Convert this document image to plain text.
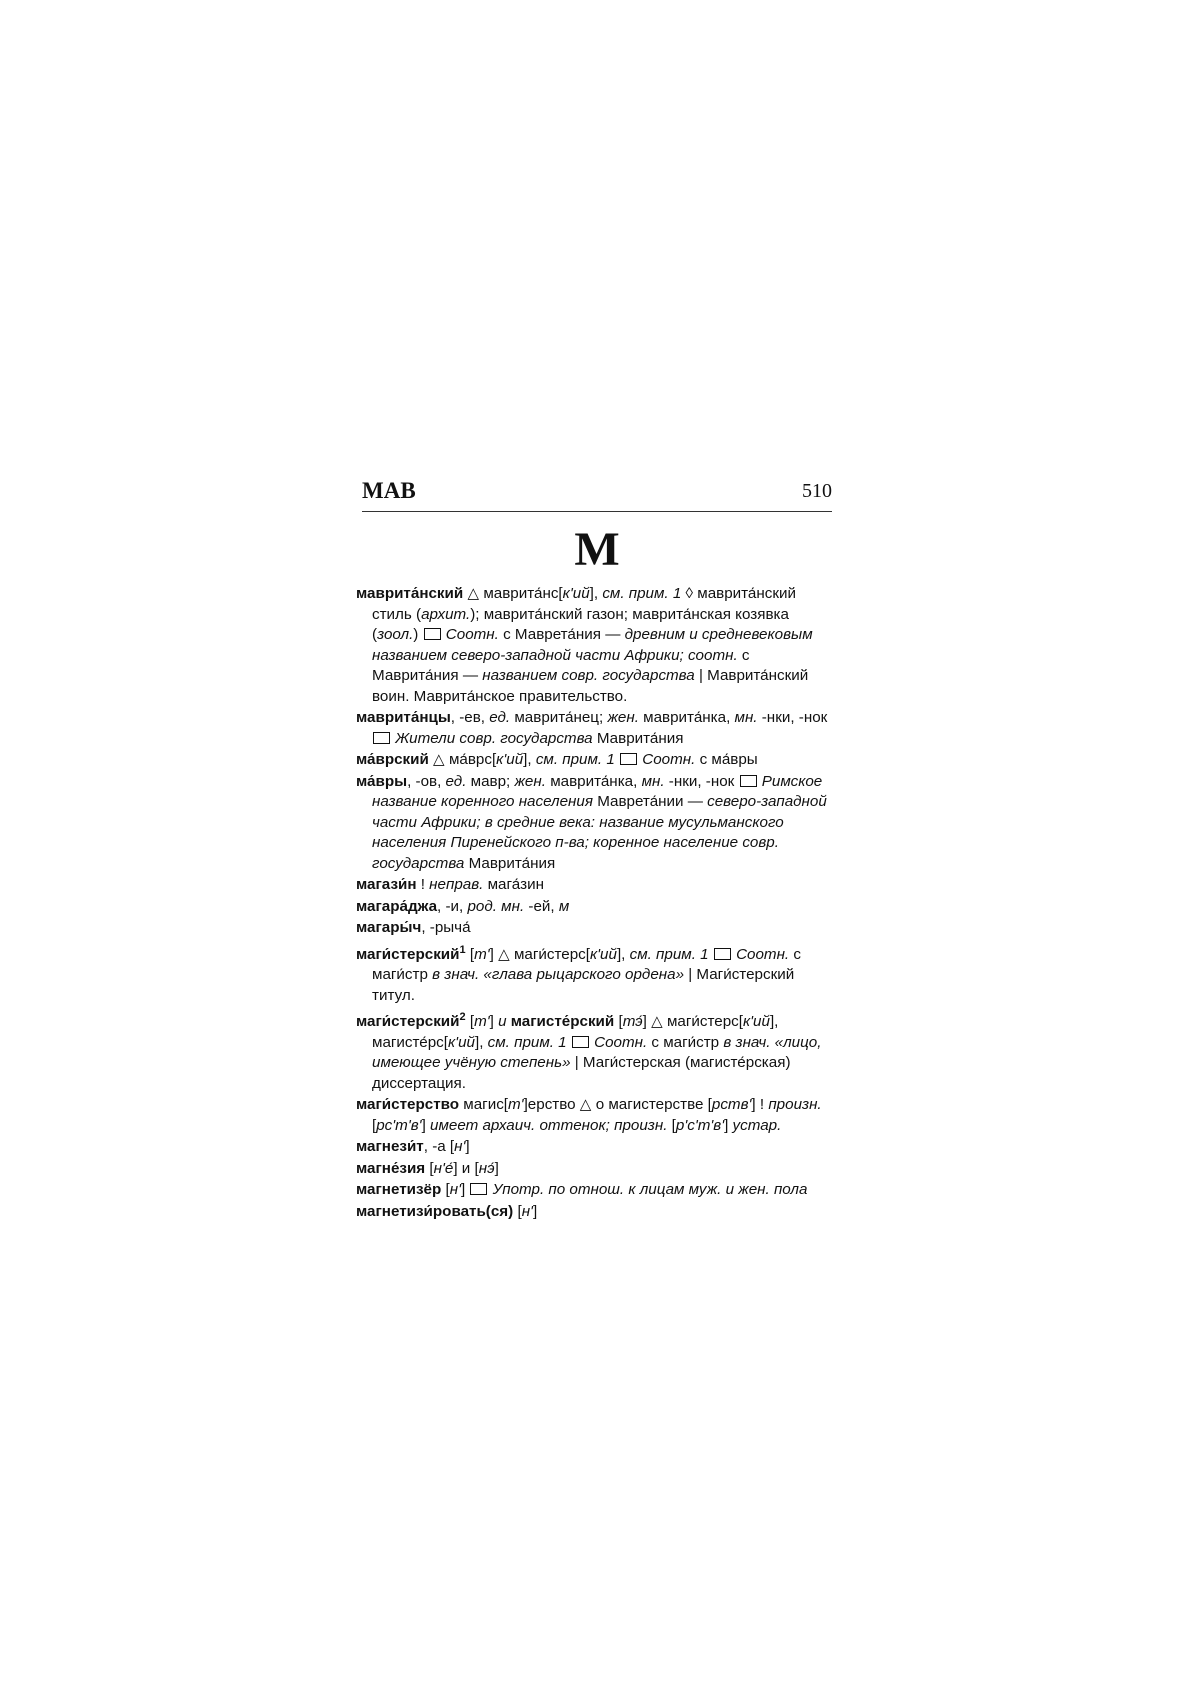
МАВ	510
М
маврита́нский △ маврита́нс[к'ий], см. прим. 1 ◊ маврита́нский стиль (архит.); маврита́нский газон; маврита́нская козявка (зоол.)  Соотн. с Маврета́ния — древним и средневековым названием северо-западной части Африки; соотн. с Маврита́ния — названием совр. государства | Маврита́нский воин. Маврита́нское правительство.
маврита́нцы, -ев, ед. маврита́нец; жен. маврита́нка, мн. -нки, -нок  Жители совр. государства Маврита́ния
ма́врский △ ма́врс[к'ий], см. прим. 1  Соотн. с ма́вры
ма́вры, -ов, ед. мавр; жен. маврита́нка, мн. -нки, -нок  Римское название коренного населения Маврета́нии — северо-западной части Африки; в средние века: название мусульманского населения Пиренейского п-ва; коренное население совр. государства Маврита́ния
магази́н ! неправ. мага́зин
магара́джа, -и, род. мн. -ей, м
магары́ч, -рыча́
маги́стерский$^1$ [т'] △ маги́стерс[к'ий], см. прим. 1  Соотн. с маги́стр в знач. «глава рыцарского ордена» | Маги́стерский титул.
маги́стерский$^2$ [т'] и магисте́рский [тэ́] △ маги́стерс[к'ий], магисте́рс[к'ий], см. прим. 1  Соотн. с маги́стр в знач. «лицо, имеющее учёную степень» | Маги́стерская (магисте́рская) диссертация.
маги́стерство магис[т']ерство △ о магистерстве [рств'] ! произн. [рс'т'в'] имеет архаич. оттенок; произн. [р'с'т'в'] устар.
магнези́т, -а [н']
магне́зия [н'е́] и [нэ́]
магнетизёр [н']  Употр. по отнош. к лицам муж. и жен. пола
магнетизи́ровать(ся) [н']
